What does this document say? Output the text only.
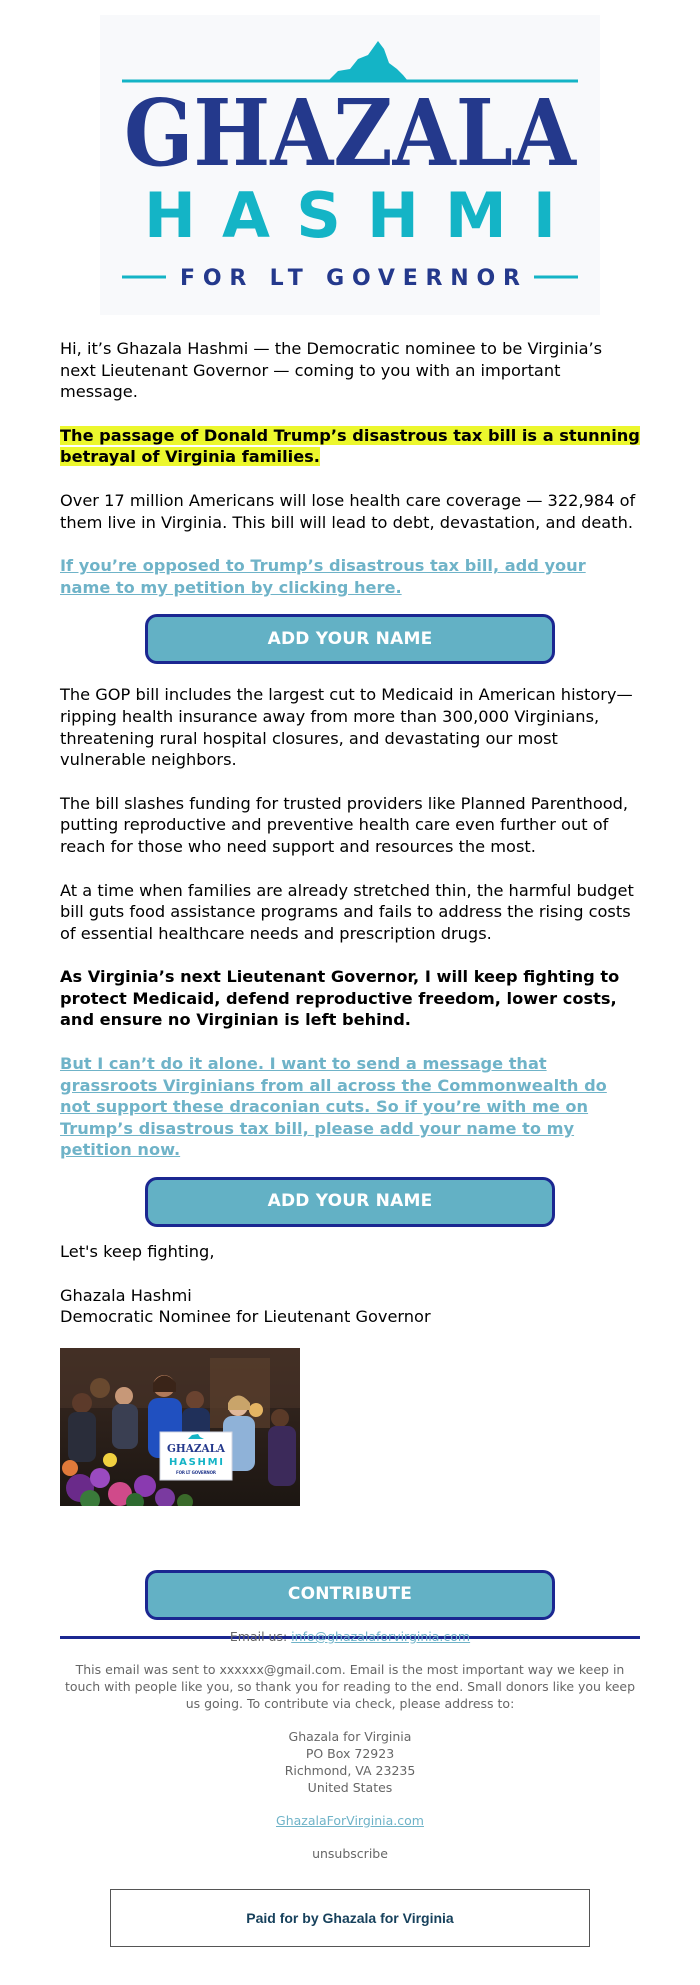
GHAZALA
HASHMI
FOR LT GOVERNOR

Hi, it’s Ghazala Hashmi — the Democratic nominee to be Virginia’s next Lieutenant Governor — coming to you with an important message.

The passage of Donald Trump’s disastrous tax bill is a stunning betrayal of Virginia families.

Over 17 million Americans will lose health care coverage — 322,984 of them live in Virginia. This bill will lead to debt, devastation, and death.

If you’re opposed to Trump’s disastrous tax bill, add your name to my petition by clicking here.

ADD YOUR NAME

The GOP bill includes the largest cut to Medicaid in American history—ripping health insurance away from more than 300,000 Virginians, threatening rural hospital closures, and devastating our most vulnerable neighbors.

The bill slashes funding for trusted providers like Planned Parenthood, putting reproductive and preventive health care even further out of reach for those who need support and resources the most.

At a time when families are already stretched thin, the harmful budget bill guts food assistance programs and fails to address the rising costs of essential healthcare needs and prescription drugs.

As Virginia’s next Lieutenant Governor, I will keep fighting to protect Medicaid, defend reproductive freedom, lower costs, and ensure no Virginian is left behind.

But I can’t do it alone. I want to send a message that grassroots Virginians from all across the Commonwealth do not support these draconian cuts. So if you’re with me on Trump’s disastrous tax bill, please add your name to my petition now.

ADD YOUR NAME

Let's keep fighting,

Ghazala Hashmi

Democratic Nominee for Lieutenant Governor

GHAZALA
HASHMI
FOR LT GOVERNOR
CONTRIBUTE

Email us: info@ghazalaforvirginia.com

This email was sent to xxxxxx@gmail.com. Email is the most important way we keep in touch with people like you, so thank you for reading to the end. Small donors like you keep us going. To contribute via check, please address to:

Ghazala for Virginia

PO Box 72923

Richmond, VA 23235

United States

GhazalaForVirginia.com

unsubscribe

Paid for by Ghazala for Virginia
